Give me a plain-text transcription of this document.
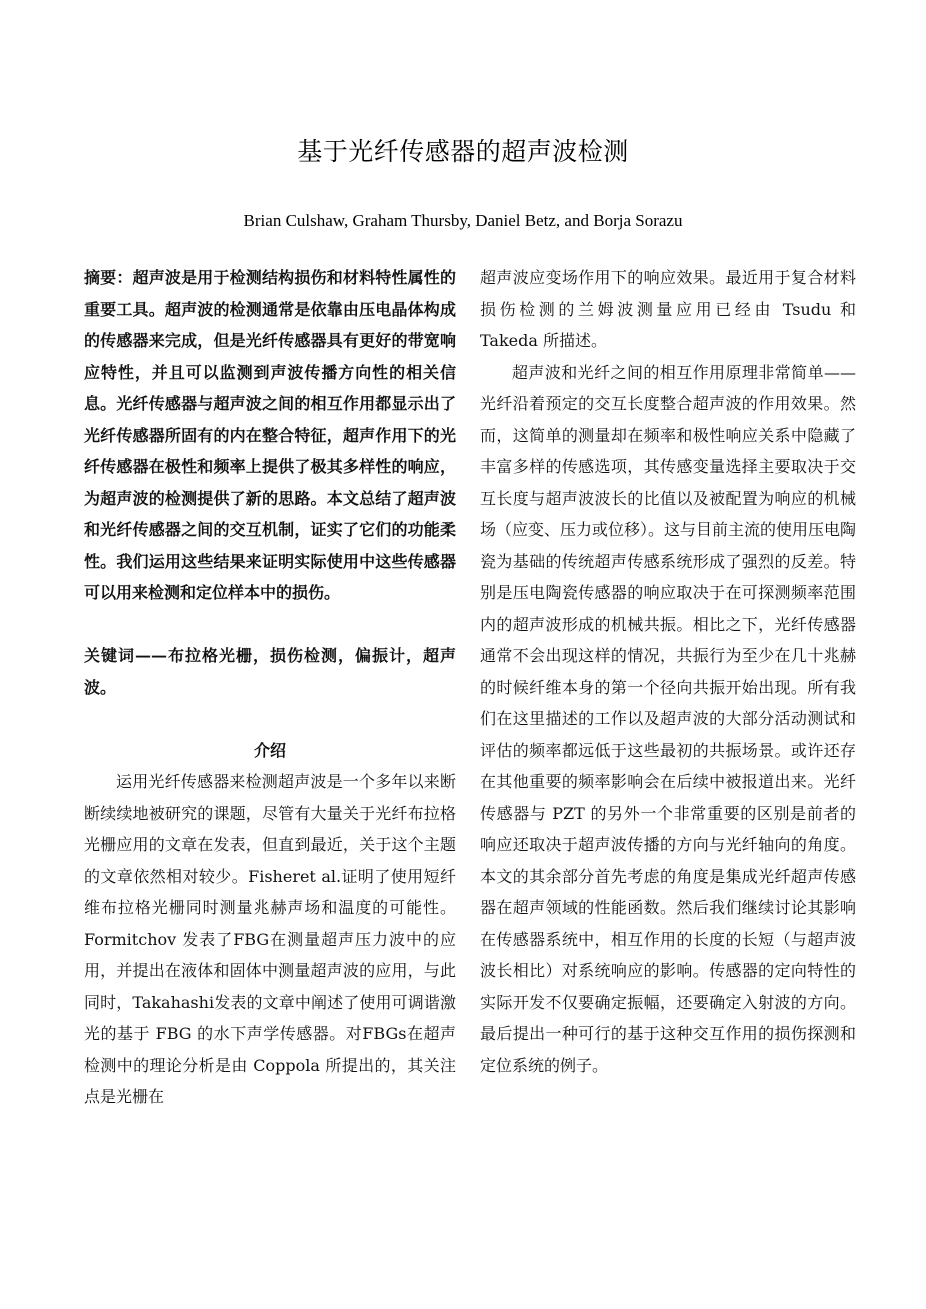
基于光纤传感器的超声波检测
Brian Culshaw, Graham Thursby, Daniel Betz, and Borja Sorazu

摘要：超声波是用于检测结构损伤和材料特性属性的重要工具。超声波的检测通常是依靠由压电晶体构成的传感器来完成，但是光纤传感器具有更好的带宽响应特性，并且可以监测到声波传播方向性的相关信息。光纤传感器与超声波之间的相互作用都显示出了光纤传感器所固有的内在整合特征，超声作用下的光纤传感器在极性和频率上提供了极其多样性的响应，为超声波的检测提供了新的思路。本文总结了超声波和光纤传感器之间的交互机制，证实了它们的功能柔性。我们运用这些结果来证明实际使用中这些传感器可以用来检测和定位样本中的损伤。

关键词——布拉格光栅，损伤检测，偏振计，超声波。

介绍

运用光纤传感器来检测超声波是一个多年以来断断续续地被研究的课题，尽管有大量关于光纤布拉格光栅应用的文章在发表，但直到最近，关于这个主题的文章依然相对较少。Fisheret al.证明了使用短纤维布拉格光栅同时测量兆赫声场和温度的可能性。Formitchov 发表了FBG在测量超声压力波中的应用，并提出在液体和固体中测量超声波的应用，与此同时，Takahashi发表的文章中阐述了使用可调谐激光的基于 FBG 的水下声学传感器。对FBGs在超声检测中的理论分析是由 Coppola 所提出的，其关注点是光栅在

超声波应变场作用下的响应效果。最近用于复合材料损伤检测的兰姆波测量应用已经由 Tsudu 和 Takeda 所描述。

超声波和光纤之间的相互作用原理非常简单——光纤沿着预定的交互长度整合超声波的作用效果。然而，这简单的测量却在频率和极性响应关系中隐藏了丰富多样的传感选项，其传感变量选择主要取决于交互长度与超声波波长的比值以及被配置为响应的机械场（应变、压力或位移）。这与目前主流的使用压电陶瓷为基础的传统超声传感系统形成了强烈的反差。特别是压电陶瓷传感器的响应取决于在可探测频率范围内的超声波形成的机械共振。相比之下，光纤传感器通常不会出现这样的情况，共振行为至少在几十兆赫的时候纤维本身的第一个径向共振开始出现。所有我们在这里描述的工作以及超声波的大部分活动测试和评估的频率都远低于这些最初的共振场景。或许还存在其他重要的频率影响会在后续中被报道出来。光纤传感器与 PZT 的另外一个非常重要的区别是前者的响应还取决于超声波传播的方向与光纤轴向的角度。本文的其余部分首先考虑的角度是集成光纤超声传感器在超声领域的性能函数。然后我们继续讨论其影响在传感器系统中，相互作用的长度的长短（与超声波波长相比）对系统响应的影响。传感器的定向特性的实际开发不仅要确定振幅，还要确定入射波的方向。最后提出一种可行的基于这种交互作用的损伤探测和定位系统的例子。
